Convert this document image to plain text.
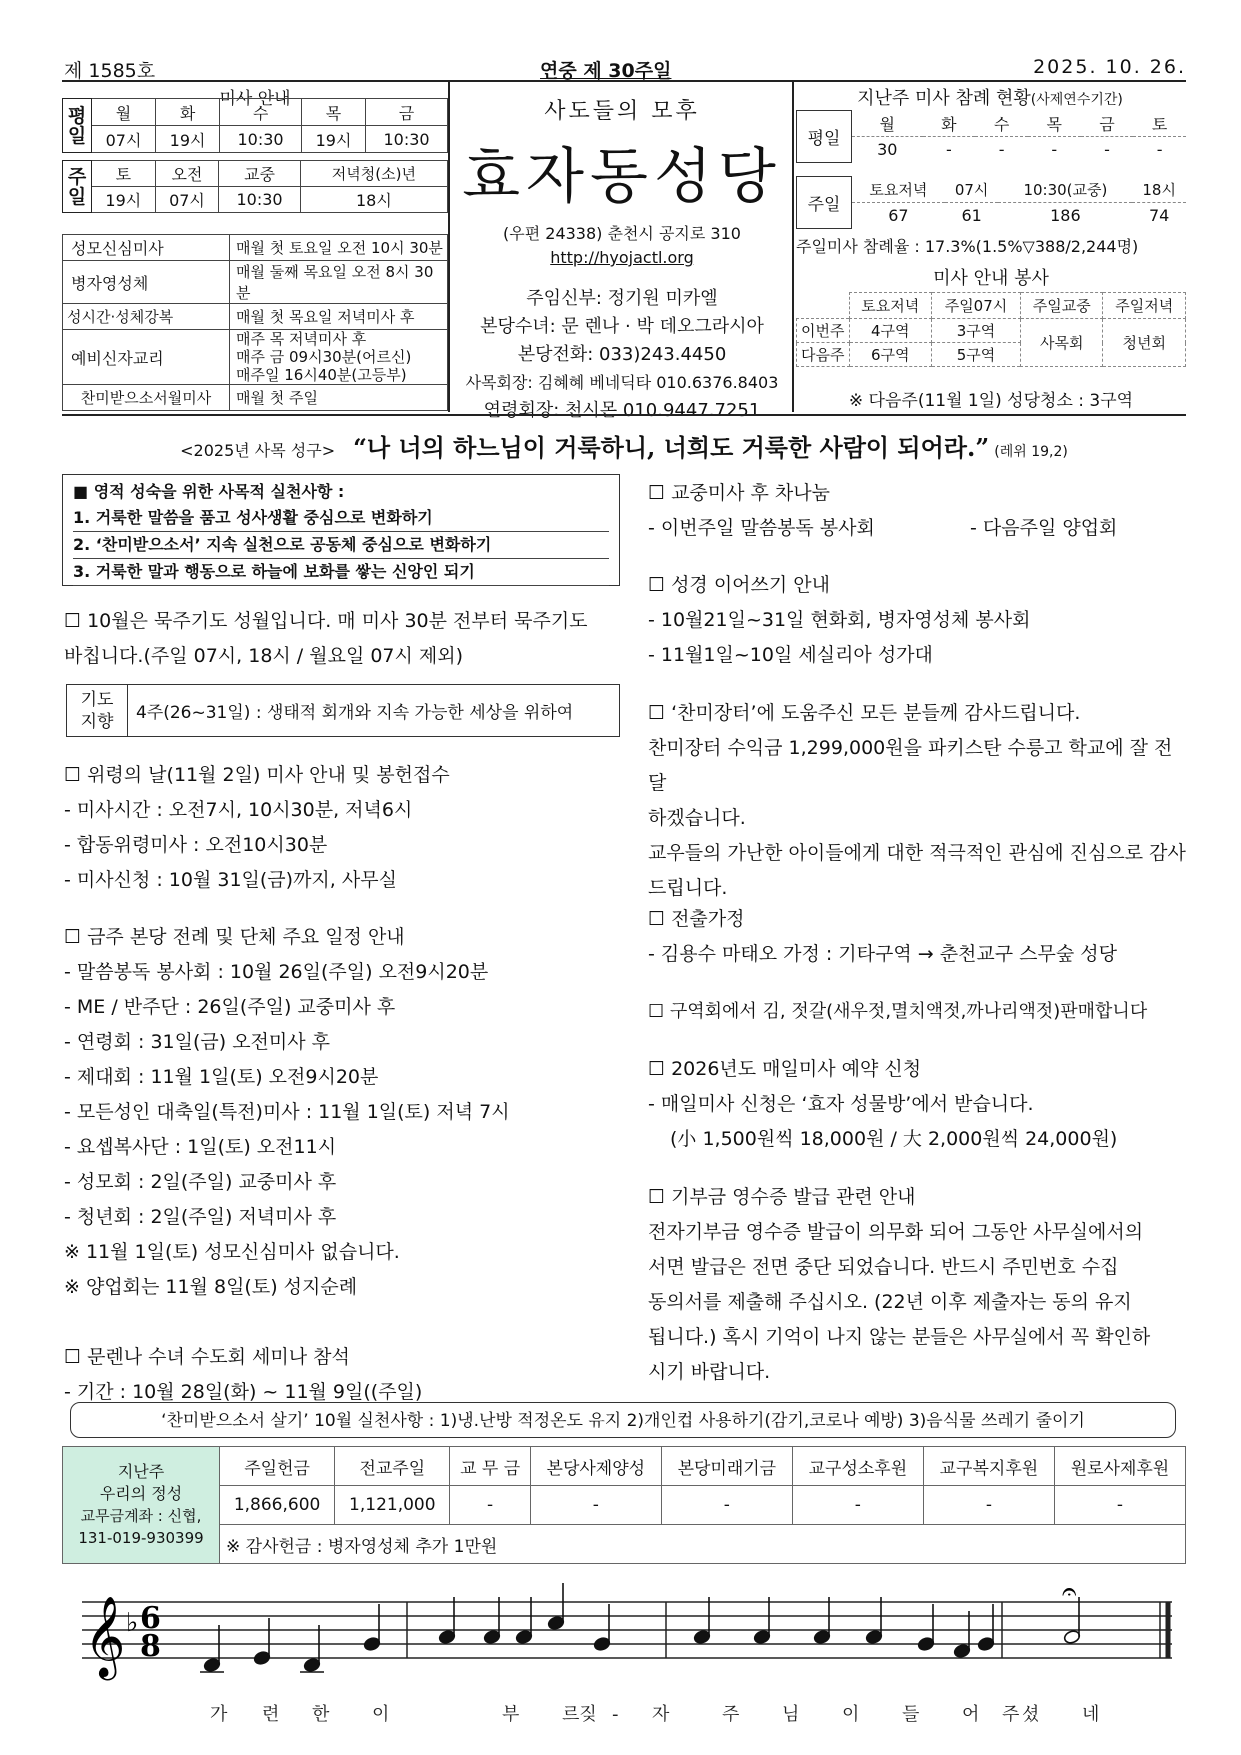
제 1585호	연중 제 30주일	2025. 10. 26.
미사 안내
평일	월	화	수	목	금
	07시	19시	10:30	19시	10:30
주일	토	오전	교중	저녁청(소)년
	19시	07시	10:30	18시
성모신심미사	매월 첫 토요일 오전 10시 30분
병자영성체	매월 둘째 목요일 오전 8시 30분
성시간·성체강복	매월 첫 목요일 저녁미사 후
예비신자교리	매주 목 저녁미사 후
매주 금 09시30분(어르신)
매주일 16시40분(고등부)

찬미받으소서월미사	매월 첫 주일
사도들의 모후
효자동성당
(우편 24338) 춘천시 공지로 310
http://hyojactl.org
주임신부: 정기원 미카엘
본당수녀: 문 렌나 · 박 데오그라시아
본당전화: 033)243.4450
사목회장: 김혜혜 베네딕타 010.6376.8403
연령회장: 천시몬 010.9447.7251
지난주 미사 참례 현황(사제연수기간)
평일	월	화	수	목	금	토
	30	-	-	-	-	-
주일	토요저녁	07시	10:30(교중)	18시
	67	61	186	74
주일미사 참례율 : 17.3%(1.5%▽388/2,244명)
미사 안내 봉사
	토요저녁	주일07시	주일교중	주일저녁
이번주	4구역	3구역	사목회	청년회
다음주	6구역	5구역		
※ 다음주(11월 1일) 성당청소 : 3구역
<2025년 사목 성구> “나 너의 하느님이 거룩하니, 너희도 거룩한 사람이 되어라.” (레위 19,2)
■ 영적 성숙을 위한 사목적 실천사항 :
1. 거룩한 말씀을 품고 성사생활 중심으로 변화하기
2. ‘찬미받으소서’ 지속 실천으로 공동체 중심으로 변화하기
3. 거룩한 말과 행동으로 하늘에 보화를 쌓는 신앙인 되기
☐ 10월은 묵주기도 성월입니다. 매 미사 30분 전부터 묵주기도
바칩니다.(주일 07시, 18시 / 월요일 07시 제외)
기도
지향	4주(26~31일) : 생태적 회개와 지속 가능한 세상을 위하여
☐ 위령의 날(11월 2일) 미사 안내 및 봉헌접수
- 미사시간 : 오전7시, 10시30분, 저녁6시
- 합동위령미사 : 오전10시30분
- 미사신청 : 10월 31일(금)까지, 사무실
☐ 금주 본당 전례 및 단체 주요 일정 안내
- 말씀봉독 봉사회 : 10월 26일(주일) 오전9시20분
- ME / 반주단 : 26일(주일) 교중미사 후
- 연령회 : 31일(금) 오전미사 후
- 제대회 : 11월 1일(토) 오전9시20분
- 모든성인 대축일(특전)미사 : 11월 1일(토) 저녁 7시
- 요셉복사단 : 1일(토) 오전11시
- 성모회 : 2일(주일) 교중미사 후
- 청년회 : 2일(주일) 저녁미사 후
※ 11월 1일(토) 성모신심미사 없습니다.
※ 양업회는 11월 8일(토) 성지순례
☐ 문렌나 수녀 수도회 세미나 참석
- 기간 : 10월 28일(화) ~ 11월 9일((주일)
☐ 교중미사 후 차나눔
- 이번주일 말씀봉독 봉사회	- 다음주일 양업회
☐ 성경 이어쓰기 안내
- 10월21일~31일 현화회, 병자영성체 봉사회
- 11월1일~10일 세실리아 성가대
☐ ‘찬미장터’에 도움주신 모든 분들께 감사드립니다.
찬미장터 수익금 1,299,000원을 파키스탄 수릉고 학교에 잘 전달
하겠습니다.
교우들의 가난한 아이들에게 대한 적극적인 관심에 진심으로 감사
드립니다.
☐ 전출가정
- 김용수 마태오 가정 : 기타구역 → 춘천교구 스무숲 성당
☐ 구역회에서 김, 젓갈(새우젓,멸치액젓,까나리액젓)판매합니다
☐ 2026년도 매일미사 예약 신청
- 매일미사 신청은 ‘효자 성물방’에서 받습니다.
(小 1,500원씩 18,000원 / 大 2,000원씩 24,000원)
☐ 기부금 영수증 발급 관련 안내
전자기부금 영수증 발급이 의무화 되어 그동안 사무실에서의
서면 발급은 전면 중단 되었습니다. 반드시 주민번호 수집
동의서를 제출해 주십시오. (22년 이후 제출자는 동의 유지
됩니다.) 혹시 기억이 나지 않는 분들은 사무실에서 꼭 확인하
시기 바랍니다.
‘찬미받으소서 살기’ 10월 실천사항 : 1)냉.난방 적정온도 유지 2)개인컵 사용하기(감기,코로나 예방) 3)음식물 쓰레기 줄이기
지난주
우리의 정성
교무금계좌 : 신협,
131-019-930399	주일헌금	전교주일	교 무 금	본당사제양성	본당미래기금	교구성소후원	교구복지후원	원로사제후원
	1,866,600	1,121,000	-	-	-	-	-	-
	※ 감사헌금 : 병자영성체 추가 1만원							
𝄞 ♭ 6
8
𝄐
가 련 한 이	부 르짖 - 자	주 님 이 들 어 주 셨 네
